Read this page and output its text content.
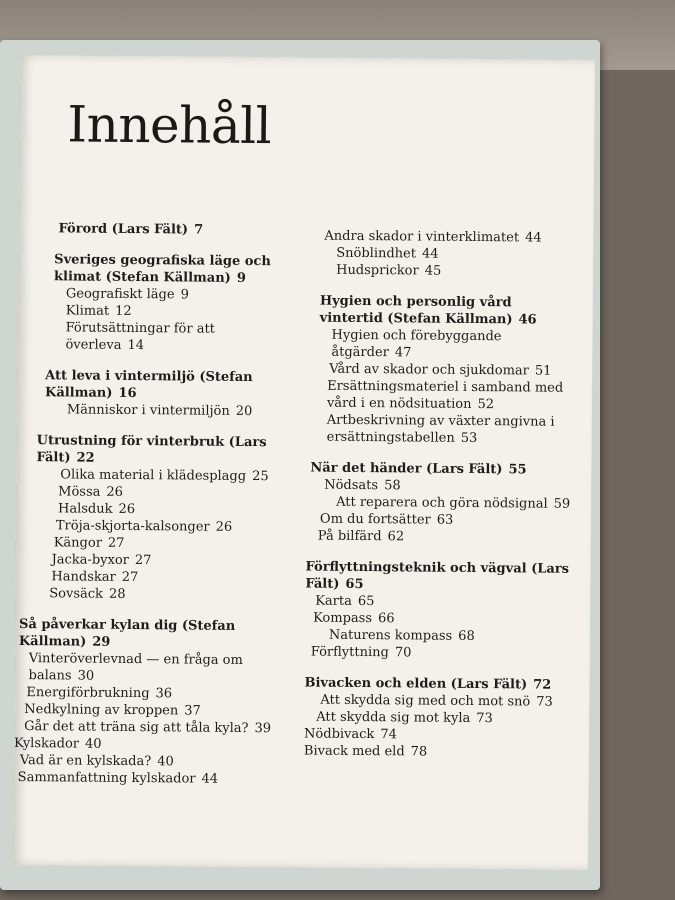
Innehåll
Förord (Lars Fält) 7
Sveriges geografiska läge och klimat (Stefan Källman) 9
Geografiskt läge 9
Klimat 12
Förutsättningar för att överleva 14
Att leva i vintermiljö (Stefan Källman) 16
Människor i vintermiljön 20
Utrustning för vinterbruk (Lars Fält) 22
Olika material i klädesplagg 25
Mössa 26
Halsduk 26
Tröja-skjorta-kalsonger 26
Kängor 27
Jacka-byxor 27
Handskar 27
Sovsäck 28
Så påverkar kylan dig (Stefan Källman) 29
Vinteröverlevnad — en fråga om balans 30
Energiförbrukning 36
Nedkylning av kroppen 37
Går det att träna sig att tåla kyla? 39
Kylskador 40
Vad är en kylskada? 40
Sammanfattning kylskador 44
Andra skador i vinterklimatet 44
Snöblindhet 44
Hudsprickor 45
Hygien och personlig vård vintertid (Stefan Källman) 46
Hygien och förebyggande åtgärder 47
Vård av skador och sjukdomar 51
Ersättningsmateriel i samband med vård i en nödsituation 52
Artbeskrivning av växter angivna i ersättningstabellen 53
När det händer (Lars Fält) 55
Nödsats 58
Att reparera och göra nödsignal 59
Om du fortsätter 63
På bilfärd 62
Förflyttningsteknik och vägval (Lars Fält) 65
Karta 65
Kompass 66
Naturens kompass 68
Förflyttning 70
Bivacken och elden (Lars Fält) 72
Att skydda sig med och mot snö 73
Att skydda sig mot kyla 73
Nödbivack 74
Bivack med eld 78
